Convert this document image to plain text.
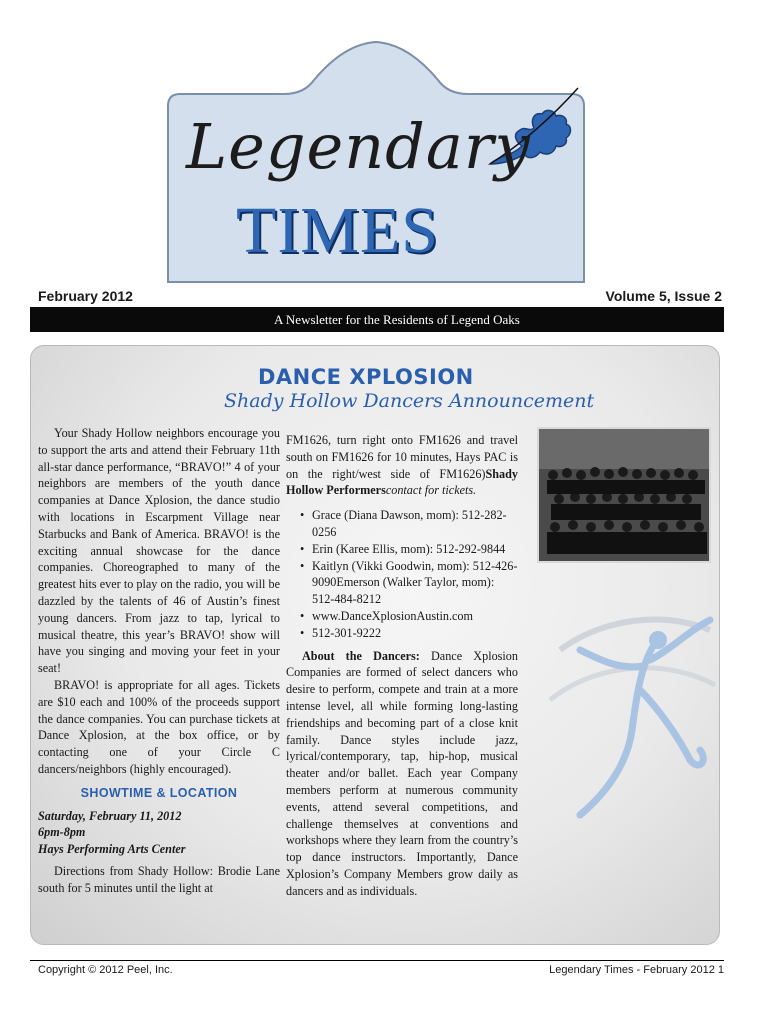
Legendary
TIMES
February 2012	Volume 5, Issue 2
A Newsletter for the Residents of Legend Oaks
DANCE XPLOSION
Shady Hollow Dancers Announcement

Your Shady Hollow neighbors encourage you to support the arts and attend their February 11th all-star dance performance, “BRAVO!” 4 of your neighbors are members of the youth dance companies at Dance Xplosion, the dance studio with locations in Escarpment Village near Starbucks and Bank of America. BRAVO! is the exciting annual showcase for the dance companies. Choreographed to many of the greatest hits ever to play on the radio, you will be dazzled by the talents of 46 of Austin’s finest young dancers. From jazz to tap, lyrical to musical theatre, this year’s BRAVO! show will have you singing and moving your feet in your seat!

BRAVO! is appropriate for all ages. Tickets are $10 each and 100% of the proceeds support the dance companies. You can purchase tickets at Dance Xplosion, at the box office, or by contacting one of your Circle C dancers/neighbors (highly encouraged).

SHOWTIME & LOCATION
Saturday, February 11, 2012
6pm-8pm
Hays Performing Arts Center

Directions from Shady Hollow: Brodie Lane south for 5 minutes until the light at

FM1626, turn right onto FM1626 and travel south on FM1626 for 10 minutes, Hays PAC is on the right/west side of FM1626)Shady Hollow Performerscontact for tickets.

• Grace (Diana Dawson, mom): 512-282-0256
• Erin (Karee Ellis, mom): 512-292-9844
• Kaitlyn (Vikki Goodwin, mom): 512-426-9090Emerson (Walker Taylor, mom): 512-484-8212
• www.DanceXplosionAustin.com
• 512-301-9222

About the Dancers: Dance Xplosion Companies are formed of select dancers who desire to perform, compete and train at a more intense level, all while forming long-lasting friendships and becoming part of a close knit family. Dance styles include jazz, lyrical/contemporary, tap, hip-hop, musical theater and/or ballet. Each year Company members perform at numerous community events, attend several competitions, and challenge themselves at conventions and workshops where they learn from the country’s top dance instructors. Importantly, Dance Xplosion’s Company Members grow daily as dancers and as individuals.

Copyright © 2012 Peel, Inc.	Legendary Times - February 2012 1
